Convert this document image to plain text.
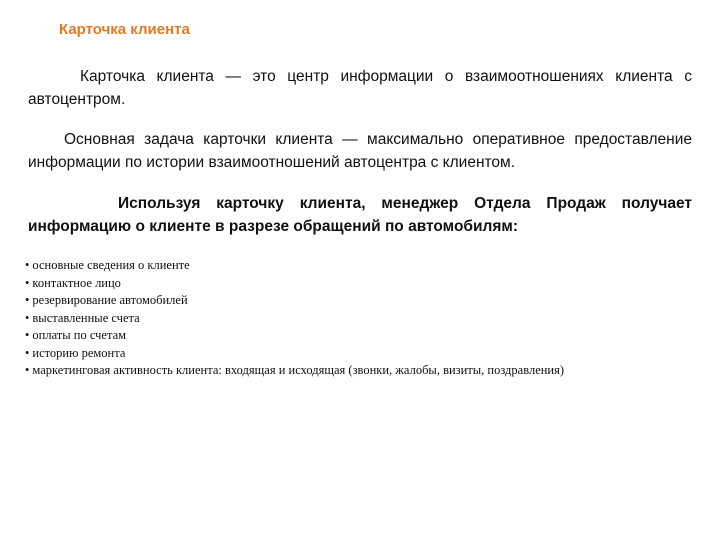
Карточка клиента

Карточка клиента — это центр информации о взаимоотношениях клиента с автоцентром.

Основная задача карточки клиента — максимально оперативное предоставление информации по истории взаимоотношений автоцентра с клиентом.

Используя карточку клиента, менеджер Отдела Продаж получает информацию о клиенте в разрезе обращений по автомобилям:

• основные сведения о клиенте
• контактное лицо
• резервирование автомобилей
• выставленные счета
• оплаты по счетам
• историю ремонта
• маркетинговая активность клиента: входящая и исходящая (звонки, жалобы, визиты, поздравления)
